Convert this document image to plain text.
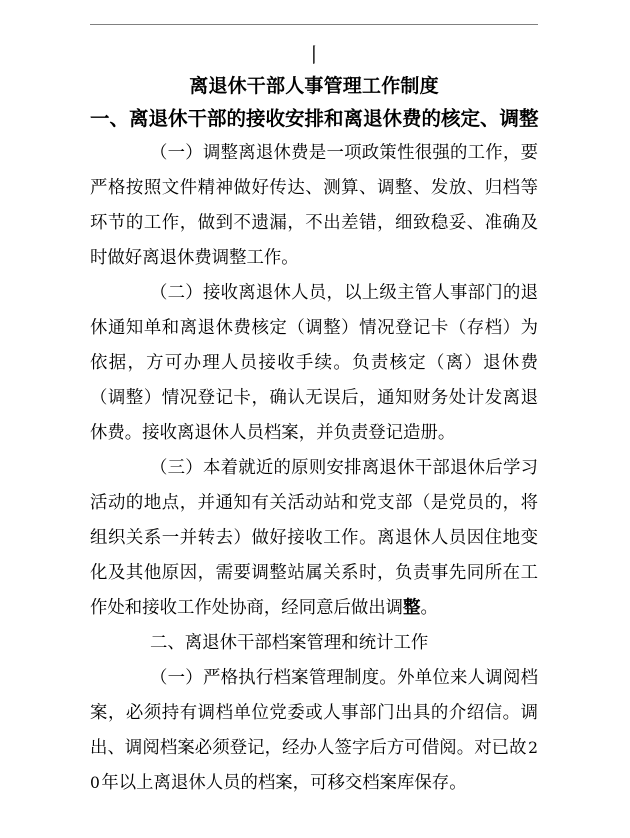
丨
离退休干部人事管理工作制度
一、离退休干部的接收安排和离退休费的核定、调整

（一）调整离退休费是一项政策性很强的工作，要严格按照文件精神做好传达、测算、调整、发放、归档等环节的工作，做到不遗漏，不出差错，细致稳妥、准确及时做好离退休费调整工作。

（二）接收离退休人员，以上级主管人事部门的退休通知单和离退休费核定（调整）情况登记卡（存档）为依据，方可办理人员接收手续。负责核定（离）退休费（调整）情况登记卡，确认无误后，通知财务处计发离退休费。接收离退休人员档案，并负责登记造册。

（三）本着就近的原则安排离退休干部退休后学习活动的地点，并通知有关活动站和党支部（是党员的，将组织关系一并转去）做好接收工作。离退休人员因住地变化及其他原因，需要调整站属关系时，负责事先同所在工作处和接收工作处协商，经同意后做出调整。

二、离退休干部档案管理和统计工作

（一）严格执行档案管理制度。外单位来人调阅档案，必须持有调档单位党委或人事部门出具的介绍信。调出、调阅档案必须登记，经办人签字后方可借阅。对已故20年以上离退休人员的档案，可移交档案库保存。
